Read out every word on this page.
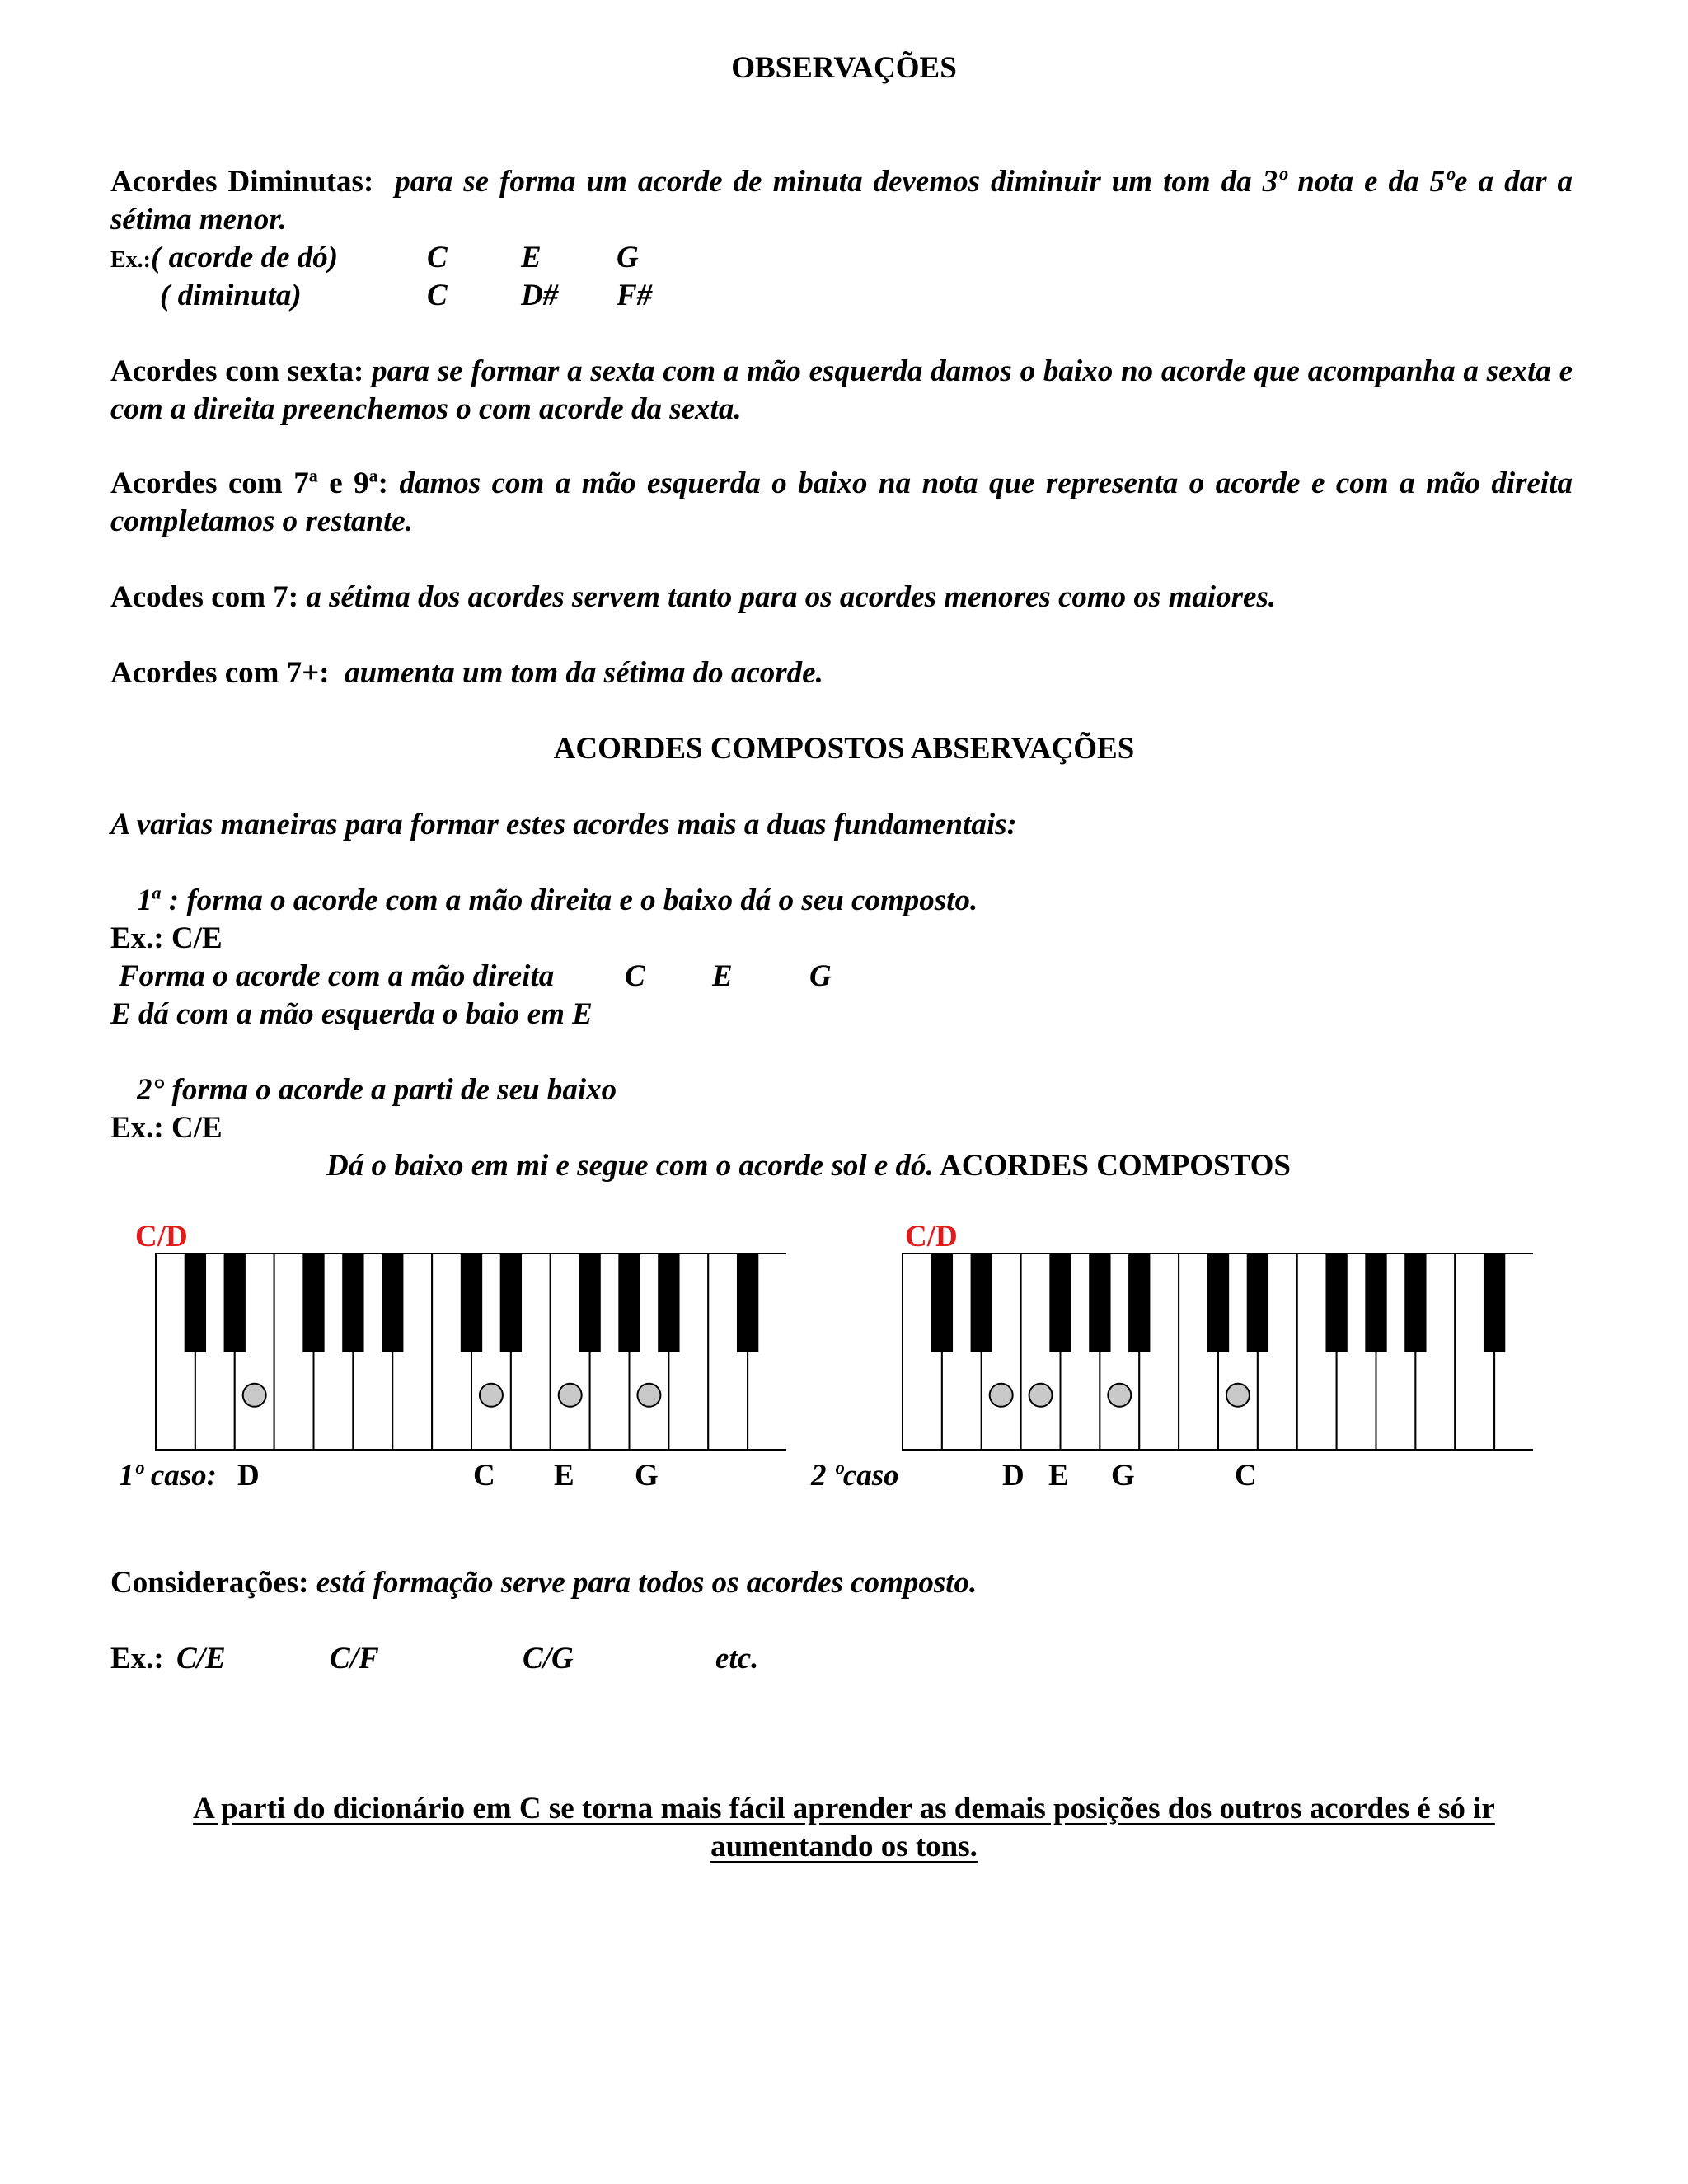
OBSERVAÇÕES

Acordes Diminutas: para se forma um acorde de minuta devemos diminuir um tom da 3º nota e da 5ºe a dar a sétima menor.

Ex.:( acorde de dó)	C E G

( diminuta)	C D# F#

Acordes com sexta: para se formar a sexta com a mão esquerda damos o baixo no acorde que acompanha a sexta e com a direita preenchemos o com acorde da sexta.

Acordes com 7$^a$ e 9$^a$: damos com a mão esquerda o baixo na nota que representa o acorde e com a mão direita completamos o restante.

Acodes com 7: a sétima dos acordes servem tanto para os acordes menores como os maiores.

Acordes com 7+: aumenta um tom da sétima do acorde.

ACORDES COMPOSTOS ABSERVAÇÕES

A varias maneiras para formar estes acordes mais a duas fundamentais:

1$^a$ : forma o acorde com a mão direita e o baixo dá o seu composto.

Ex.: C/E

Forma o acorde com a mão direita C E	G

E dá com a mão esquerda o baio em E

2° forma o acorde a parti de seu baixo

Ex.: C/E

Dá o baixo em mi e segue com o acorde sol e dó. ACORDES COMPOSTOS

C/D

1º caso: D	C E G

C/D

2 ºcaso	D E G	C

Considerações: está formação serve para todos os acordes composto.

Ex.: C/E	C/F	C/G	etc.

A parti do dicionário em C se torna mais fácil aprender as demais posições dos outros acordes é só ir aumentando os tons.
